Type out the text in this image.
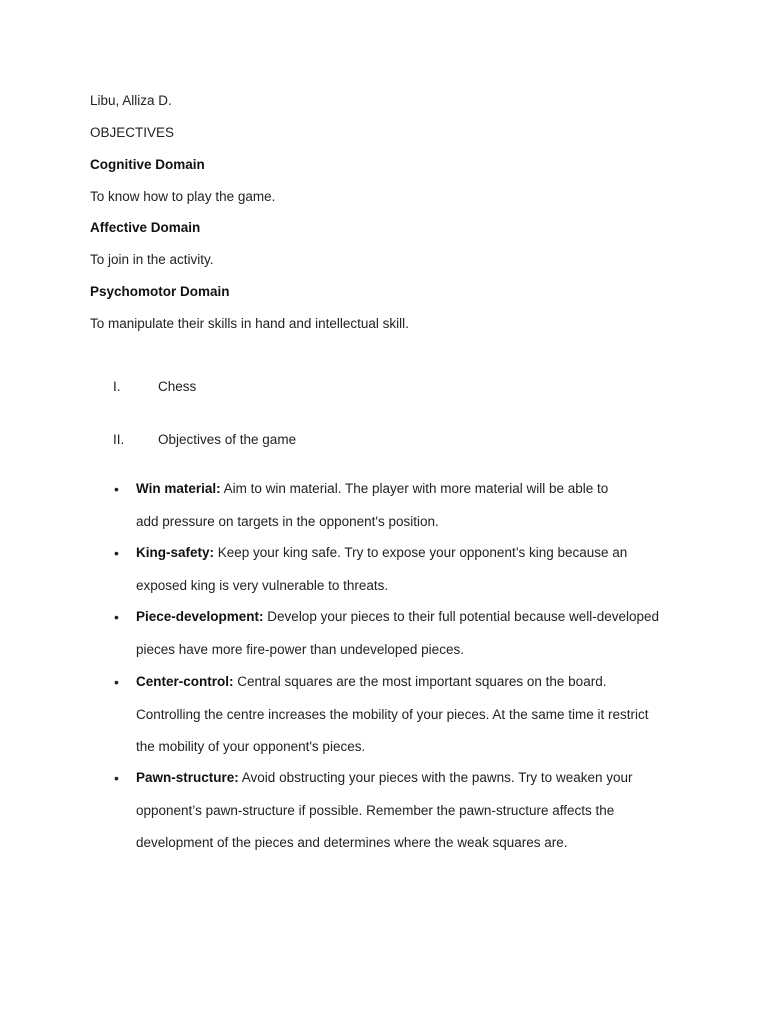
Libu, Alliza D.
OBJECTIVES
Cognitive Domain
To know how to play the game.
Affective Domain
To join in the activity.
Psychomotor Domain
To manipulate their skills in hand and intellectual skill.
I.	Chess
II. Objectives of the game
• Win material: Aim to win material. The player with more material will be able to
add pressure on targets in the opponent's position.
• King-safety: Keep your king safe. Try to expose your opponent’s king because an
exposed king is very vulnerable to threats.
• Piece-development: Develop your pieces to their full potential because well-developed
pieces have more fire-power than undeveloped pieces.
• Center-control: Central squares are the most important squares on the board.
Controlling the centre increases the mobility of your pieces. At the same time it restrict
the mobility of your opponent's pieces.
• Pawn-structure: Avoid obstructing your pieces with the pawns. Try to weaken your
opponent’s pawn-structure if possible. Remember the pawn-structure affects the
development of the pieces and determines where the weak squares are.
